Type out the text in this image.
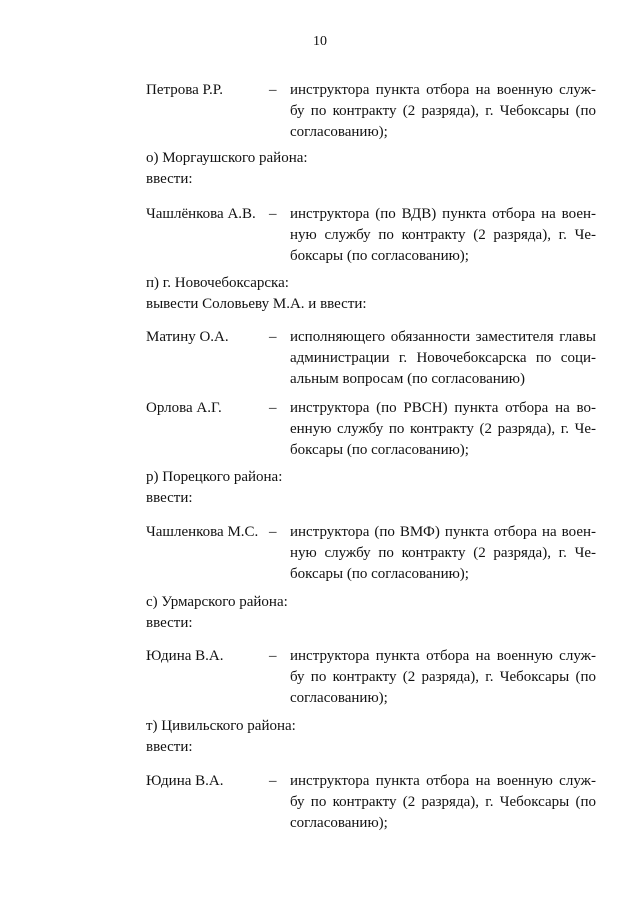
10
Петрова Р.Р.	– инструктора пункта отбора на военную служ-
бу по контракту (2 разряда), г. Чебоксары (по
согласованию);
о) Моргаушского района:
ввести:
Чашлёнкова А.В. – инструктора (по ВДВ) пункта отбора на воен-
ную службу по контракту (2 разряда), г. Че-
боксары (по согласованию);
п) г. Новочебоксарска:
вывести Соловьеву М.А. и ввести:
Матину О.А.	– исполняющего обязанности заместителя главы
администрации г. Новочебоксарска по соци-
альным вопросам (по согласованию)
Орлова А.Г.	– инструктора (по РВСН) пункта отбора на во-
енную службу по контракту (2 разряда), г. Че-
боксары (по согласованию);
р) Порецкого района:
ввести:
Чашленкова М.С. – инструктора (по ВМФ) пункта отбора на воен-
ную службу по контракту (2 разряда), г. Че-
боксары (по согласованию);
с) Урмарского района:
ввести:
Юдина В.А.	– инструктора пункта отбора на военную служ-
бу по контракту (2 разряда), г. Чебоксары (по
согласованию);
т) Цивильского района:
ввести:
Юдина В.А.	– инструктора пункта отбора на военную служ-
бу по контракту (2 разряда), г. Чебоксары (по
согласованию);
